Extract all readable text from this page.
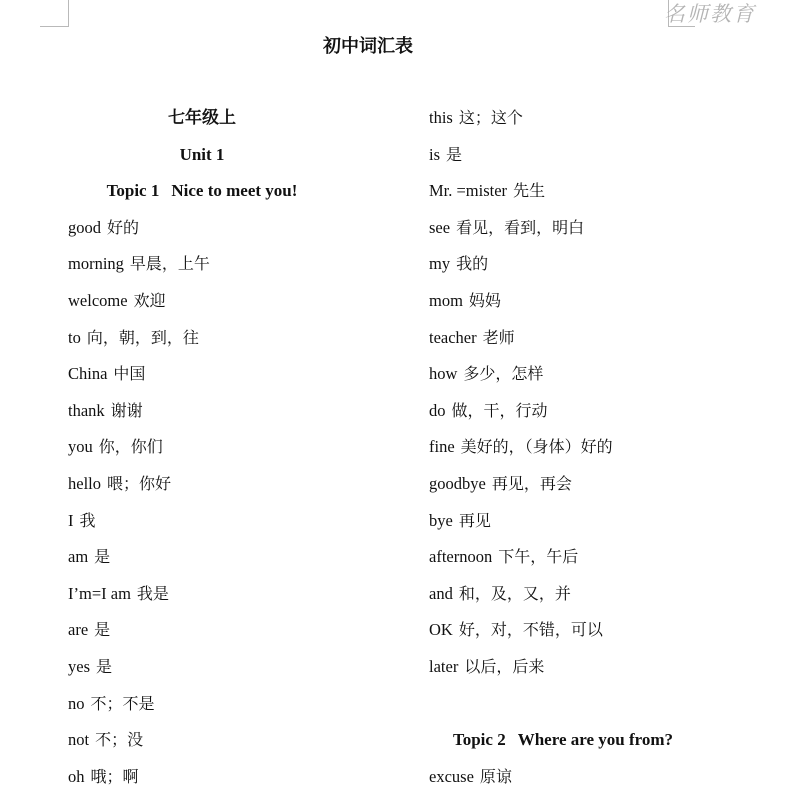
名师教育
初中词汇表
七年级上
Unit 1
Topic 1 Nice to meet you!
good 好的
morning 早晨，上午
welcome 欢迎
to 向，朝，到，往
China 中国
thank 谢谢
you 你，你们
hello 喂；你好
I 我
am 是
I’m=I am 我是
are 是
yes 是
no 不；不是
not 不；没
oh 哦；啊
this 这；这个
is 是
Mr. =mister 先生
see 看见，看到，明白
my 我的
mom 妈妈
teacher 老师
how 多少，怎样
do 做，干，行动
fine 美好的，（身体）好的
goodbye 再见，再会
bye 再见
afternoon 下午，午后
and 和，及，又，并
OK 好，对，不错，可以
later 以后，后来
Topic 2 Where are you from?
excuse 原谅
